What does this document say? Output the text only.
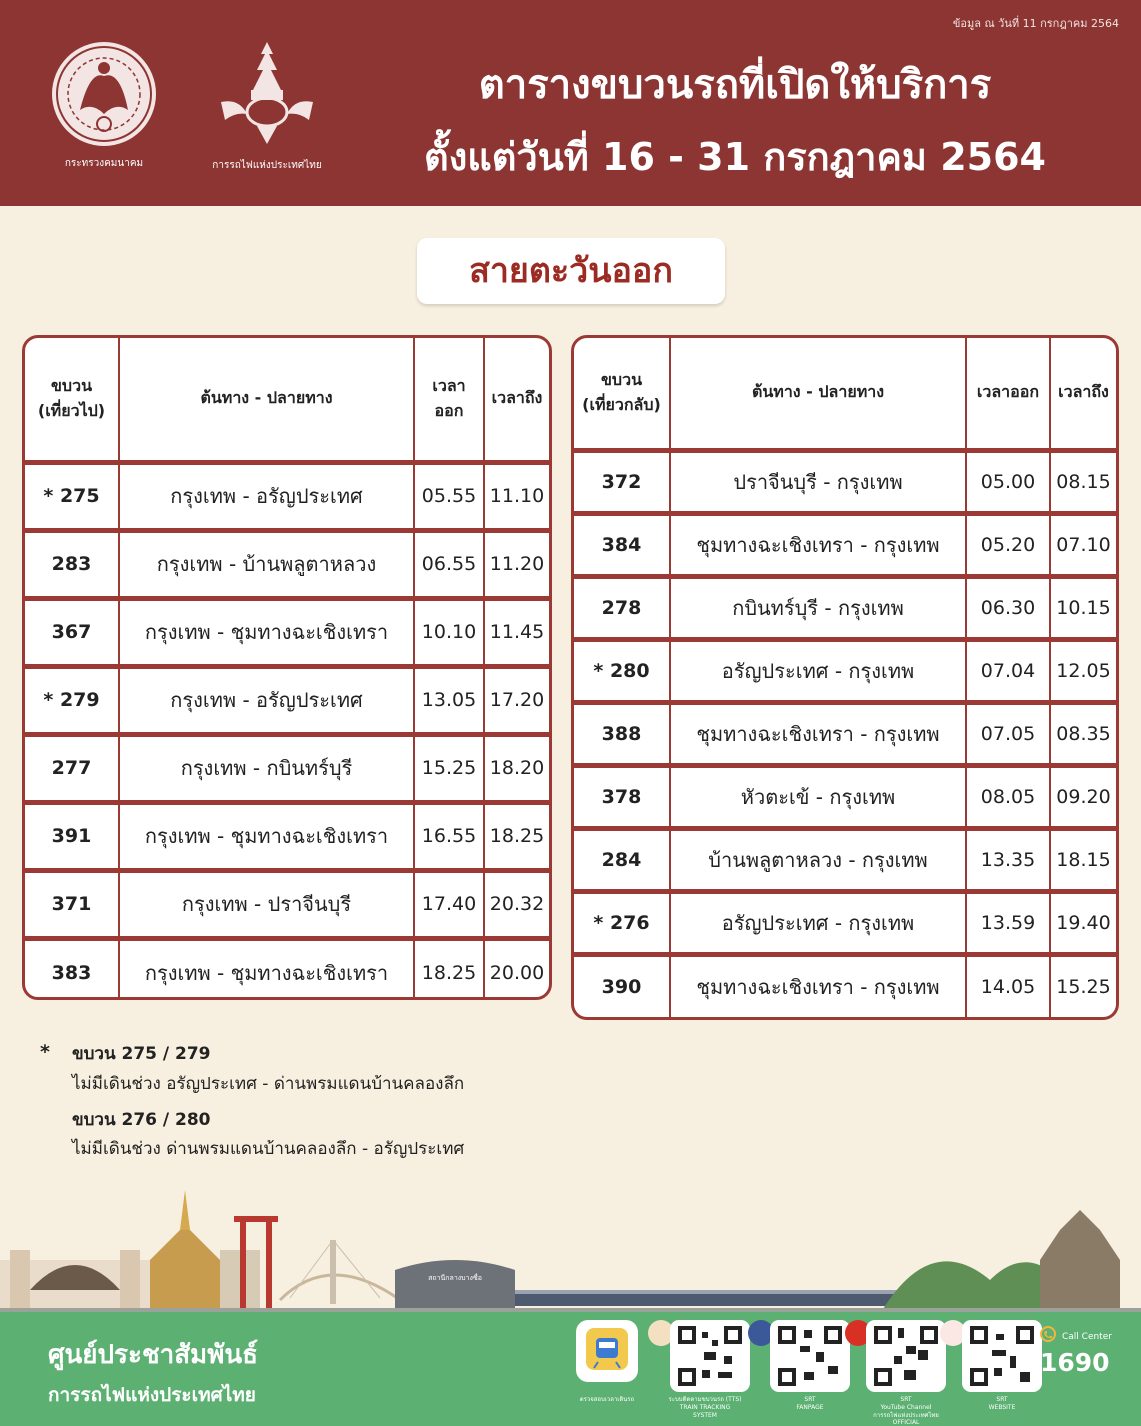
ข้อมูล ณ วันที่ 11 กรกฎาคม 2564
กระทรวงคมนาคม	การรถไฟแห่งประเทศไทย
ตารางขบวนรถที่เปิดให้บริการ
ตั้งแต่วันที่ 16 - 31 กรกฎาคม 2564
สายตะวันออก
ขบวน
(เที่ยวไป)	ต้นทาง - ปลายทาง	เวลา
ออก	เวลาถึง
* 275	กรุงเทพ - อรัญประเทศ	05.55	11.10
283	กรุงเทพ - บ้านพลูตาหลวง	06.55	11.20
367	กรุงเทพ - ชุมทางฉะเชิงเทรา	10.10	11.45
* 279	กรุงเทพ - อรัญประเทศ	13.05	17.20
277	กรุงเทพ - กบินทร์บุรี	15.25	18.20
391	กรุงเทพ - ชุมทางฉะเชิงเทรา	16.55	18.25
371	กรุงเทพ - ปราจีนบุรี	17.40	20.32
383	กรุงเทพ - ชุมทางฉะเชิงเทรา	18.25	20.00
ขบวน
(เที่ยวกลับ)	ต้นทาง - ปลายทาง	เวลาออก	เวลาถึง
372	ปราจีนบุรี - กรุงเทพ	05.00	08.15
384	ชุมทางฉะเชิงเทรา - กรุงเทพ	05.20	07.10
278	กบินทร์บุรี - กรุงเทพ	06.30	10.15
* 280	อรัญประเทศ - กรุงเทพ	07.04	12.05
388	ชุมทางฉะเชิงเทรา - กรุงเทพ	07.05	08.35
378	หัวตะเข้ - กรุงเทพ	08.05	09.20
284	บ้านพลูตาหลวง - กรุงเทพ	13.35	18.15
* 276	อรัญประเทศ - กรุงเทพ	13.59	19.40
390	ชุมทางฉะเชิงเทรา - กรุงเทพ	14.05	15.25
* ขบวน 275 / 279
ไม่มีเดินช่วง อรัญประเทศ - ด่านพรมแดนบ้านคลองลึก
ขบวน 276 / 280
ไม่มีเดินช่วง ด่านพรมแดนบ้านคลองลึก - อรัญประเทศ
สถานีกลางบางซื่อ
ศูนย์ประชาสัมพันธ์
การรถไฟแห่งประเทศไทย	ตรวจสอบเวลาเดินรถ	ระบบติดตามขบวนรถ (TTS)
TRAIN TRACKING
SYSTEM
SRT
FANPAGE
SRT
YouTube Channel
การรถไฟแห่งประเทศไทย
OFFICIAL
SRT
WEBSITE
Call Center
1690
